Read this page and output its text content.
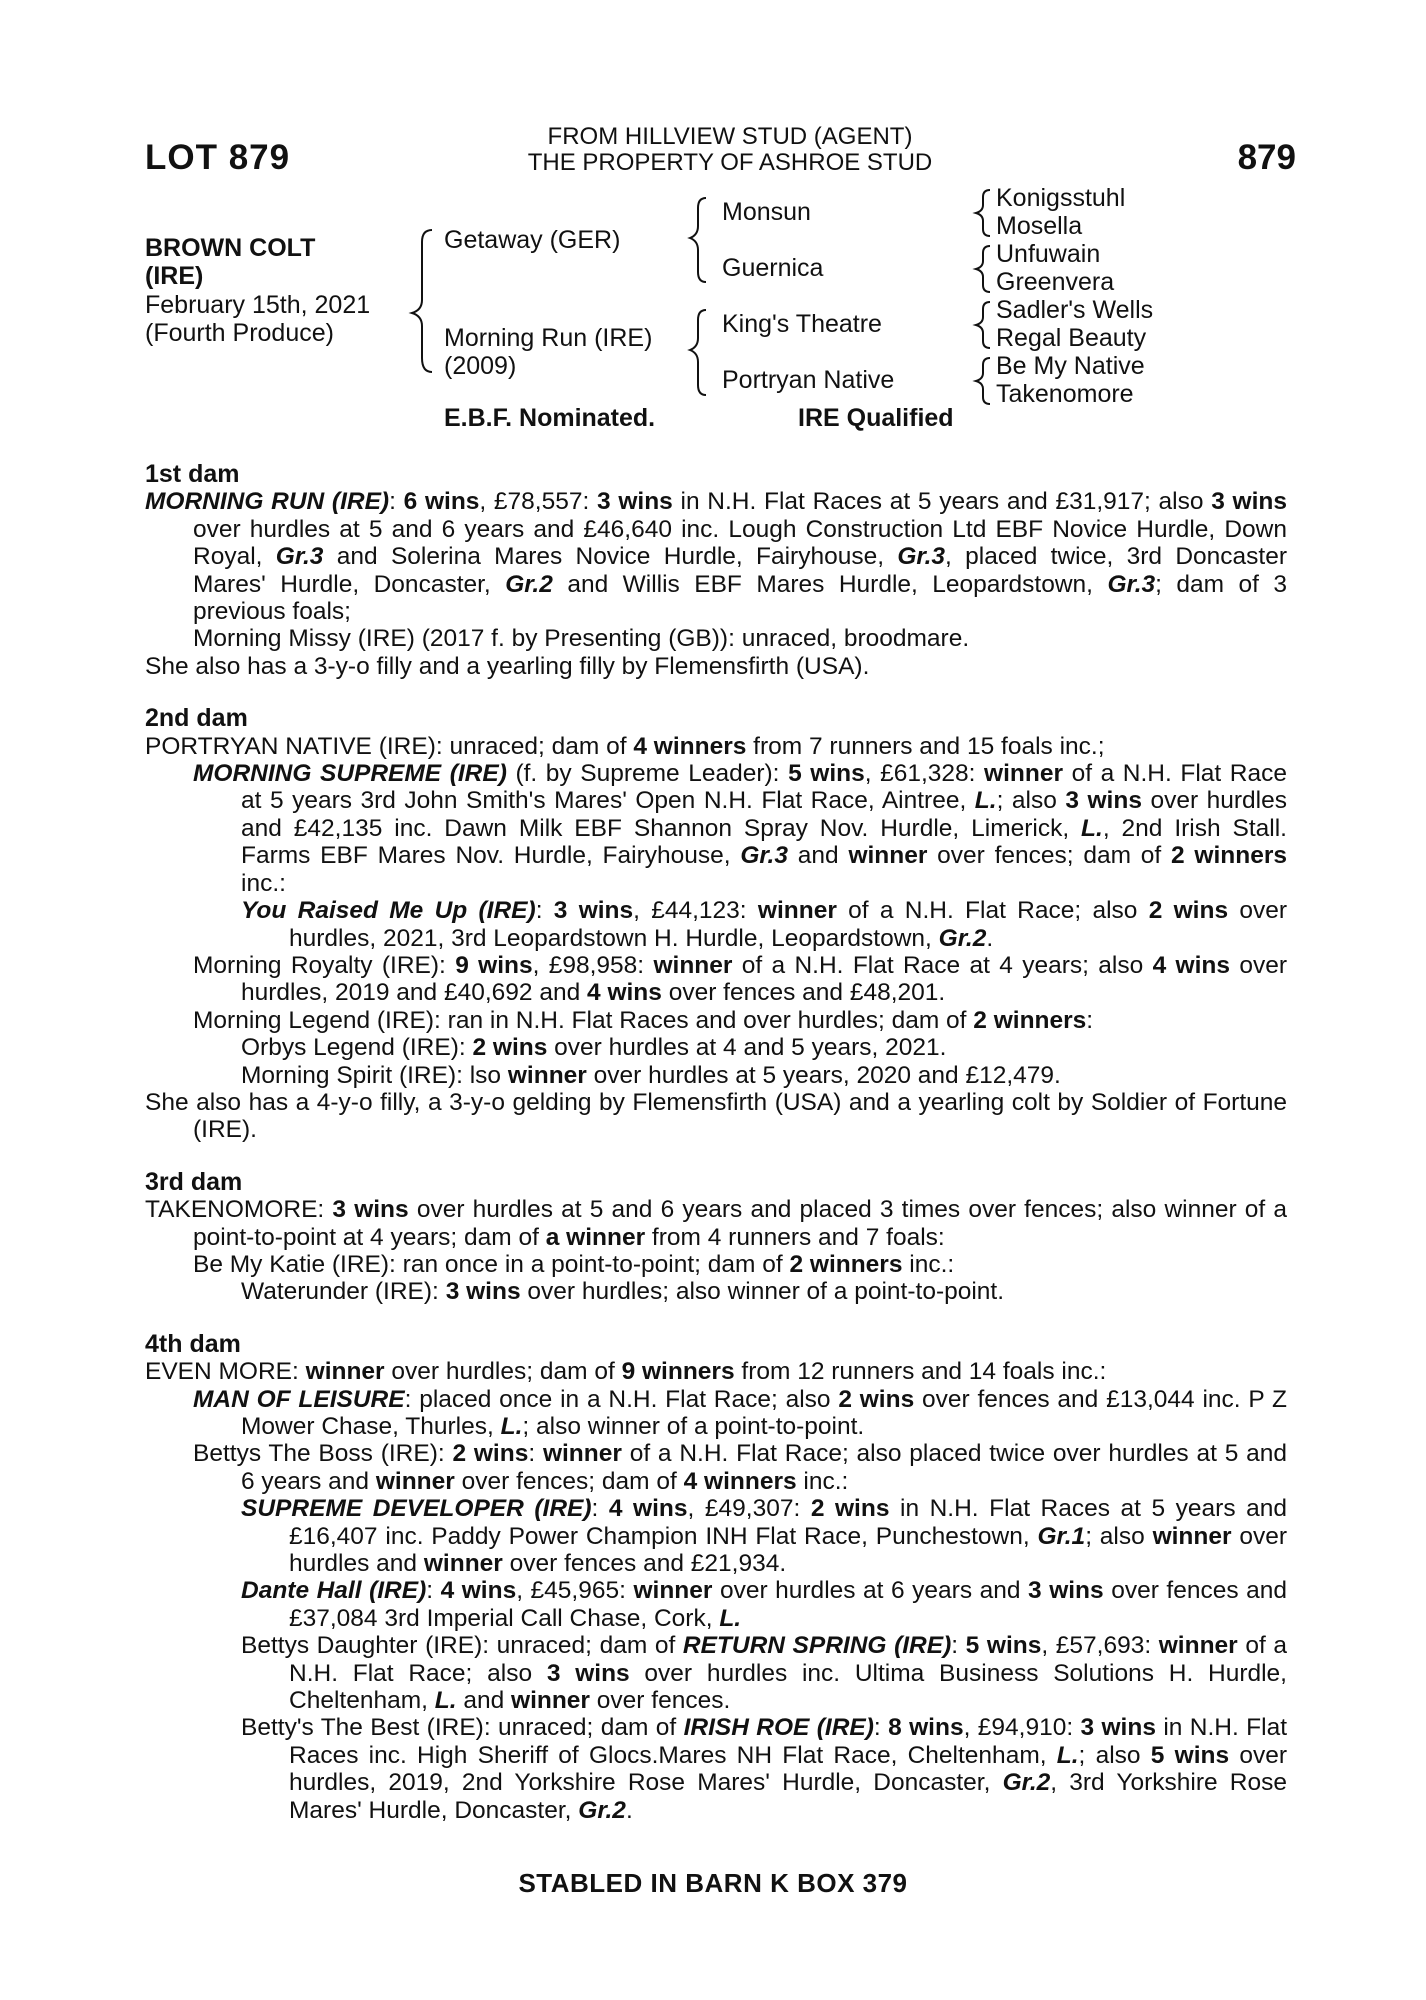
LOT 879
FROM HILLVIEW STUD (AGENT)
THE PROPERTY OF ASHROE STUD	879
BROWN COLT
(IRE)
February 15th, 2021
(Fourth Produce)
Getaway (GER)
Morning Run (IRE)
(2009)
Monsun
Guernica
King's Theatre
Portryan Native
Konigsstuhl
Mosella
Unfuwain
Greenvera
Sadler's Wells
Regal Beauty
Be My Native
Takenomore
E.B.F. Nominated.	IRE Qualified
1st dam
MORNING RUN (IRE): 6 wins, £78,557: 3 wins in N.H. Flat Races at 5 years and £31,917; also 3 wins over hurdles at 5 and 6 years and £46,640 inc. Lough Construction Ltd EBF Novice Hurdle, Down Royal, Gr.3 and Solerina Mares Novice Hurdle, Fairyhouse, Gr.3, placed twice, 3rd Doncaster Mares' Hurdle, Doncaster, Gr.2 and Willis EBF Mares Hurdle, Leopardstown, Gr.3; dam of 3 previous foals;
Morning Missy (IRE) (2017 f. by Presenting (GB)): unraced, broodmare.
She also has a 3-y-o filly and a yearling filly by Flemensfirth (USA).
2nd dam
PORTRYAN NATIVE (IRE): unraced; dam of 4 winners from 7 runners and 15 foals inc.;
MORNING SUPREME (IRE) (f. by Supreme Leader): 5 wins, £61,328: winner of a N.H. Flat Race at 5 years 3rd John Smith's Mares' Open N.H. Flat Race, Aintree, L.; also 3 wins over hurdles and £42,135 inc. Dawn Milk EBF Shannon Spray Nov. Hurdle, Limerick, L., 2nd Irish Stall. Farms EBF Mares Nov. Hurdle, Fairyhouse, Gr.3 and winner over fences; dam of 2 winners inc.:
You Raised Me Up (IRE): 3 wins, £44,123: winner of a N.H. Flat Race; also 2 wins over hurdles, 2021, 3rd Leopardstown H. Hurdle, Leopardstown, Gr.2.
Morning Royalty (IRE): 9 wins, £98,958: winner of a N.H. Flat Race at 4 years; also 4 wins over hurdles, 2019 and £40,692 and 4 wins over fences and £48,201.
Morning Legend (IRE): ran in N.H. Flat Races and over hurdles; dam of 2 winners:
Orbys Legend (IRE): 2 wins over hurdles at 4 and 5 years, 2021.
Morning Spirit (IRE): lso winner over hurdles at 5 years, 2020 and £12,479.
She also has a 4-y-o filly, a 3-y-o gelding by Flemensfirth (USA) and a yearling colt by Soldier of Fortune (IRE).
3rd dam
TAKENOMORE: 3 wins over hurdles at 5 and 6 years and placed 3 times over fences; also winner of a point-to-point at 4 years; dam of a winner from 4 runners and 7 foals:
Be My Katie (IRE): ran once in a point-to-point; dam of 2 winners inc.:
Waterunder (IRE): 3 wins over hurdles; also winner of a point-to-point.
4th dam
EVEN MORE: winner over hurdles; dam of 9 winners from 12 runners and 14 foals inc.:
MAN OF LEISURE: placed once in a N.H. Flat Race; also 2 wins over fences and £13,044 inc. P Z Mower Chase, Thurles, L.; also winner of a point-to-point.
Bettys The Boss (IRE): 2 wins: winner of a N.H. Flat Race; also placed twice over hurdles at 5 and 6 years and winner over fences; dam of 4 winners inc.:
SUPREME DEVELOPER (IRE): 4 wins, £49,307: 2 wins in N.H. Flat Races at 5 years and £16,407 inc. Paddy Power Champion INH Flat Race, Punchestown, Gr.1; also winner over hurdles and winner over fences and £21,934.
Dante Hall (IRE): 4 wins, £45,965: winner over hurdles at 6 years and 3 wins over fences and £37,084 3rd Imperial Call Chase, Cork, L.
Bettys Daughter (IRE): unraced; dam of RETURN SPRING (IRE): 5 wins, £57,693: winner of a N.H. Flat Race; also 3 wins over hurdles inc. Ultima Business Solutions H. Hurdle, Cheltenham, L. and winner over fences.
Betty's The Best (IRE): unraced; dam of IRISH ROE (IRE): 8 wins, £94,910: 3 wins in N.H. Flat Races inc. High Sheriff of Glocs.Mares NH Flat Race, Cheltenham, L.; also 5 wins over hurdles, 2019, 2nd Yorkshire Rose Mares' Hurdle, Doncaster, Gr.2, 3rd Yorkshire Rose Mares' Hurdle, Doncaster, Gr.2.
STABLED IN BARN K BOX 379
